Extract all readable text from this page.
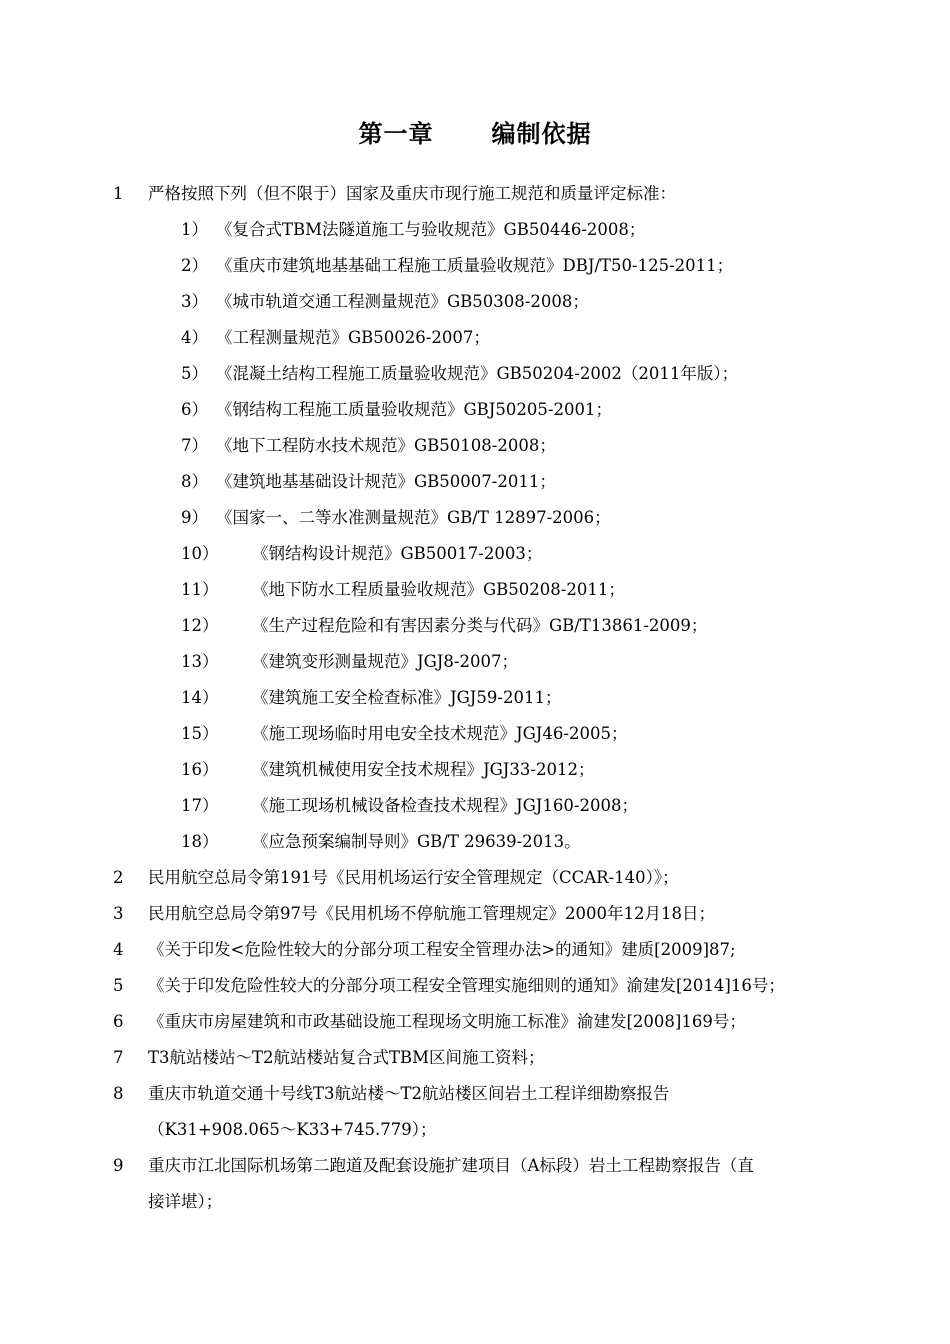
第一章 编制依据
1 严格按照下列（但不限于）国家及重庆市现行施工规范和质量评定标准：
1） 《复合式TBM法隧道施工与验收规范》GB50446-2008；
2） 《重庆市建筑地基基础工程施工质量验收规范》DBJ/T50-125-2011；
3） 《城市轨道交通工程测量规范》GB50308-2008；
4） 《工程测量规范》GB50026-2007；
5） 《混凝土结构工程施工质量验收规范》GB50204-2002（2011年版）；
6） 《钢结构工程施工质量验收规范》GBJ50205-2001；
7） 《地下工程防水技术规范》GB50108-2008；
8） 《建筑地基基础设计规范》GB50007-2011；
9） 《国家一、二等水准测量规范》GB/T 12897-2006；
10） 《钢结构设计规范》GB50017-2003；
11） 《地下防水工程质量验收规范》GB50208-2011；
12） 《生产过程危险和有害因素分类与代码》GB/T13861-2009；
13） 《建筑变形测量规范》JGJ8-2007；
14） 《建筑施工安全检查标准》JGJ59-2011；
15） 《施工现场临时用电安全技术规范》JGJ46-2005；
16） 《建筑机械使用安全技术规程》JGJ33-2012；
17） 《施工现场机械设备检查技术规程》JGJ160-2008；
18） 《应急预案编制导则》GB/T 29639-2013。
2 民用航空总局令第191号《民用机场运行安全管理规定（CCAR-140）》；
3 民用航空总局令第97号《民用机场不停航施工管理规定》2000年12月18日；
4 《关于印发<危险性较大的分部分项工程安全管理办法>的通知》建质[2009]87;
5 《关于印发危险性较大的分部分项工程安全管理实施细则的通知》渝建发[2014]16号；
6 《重庆市房屋建筑和市政基础设施工程现场文明施工标准》渝建发[2008]169号；
7 T3航站楼站～T2航站楼站复合式TBM区间施工资料；
8 重庆市轨道交通十号线T3航站楼～T2航站楼区间岩土工程详细勘察报告
（K31+908.065～K33+745.779）；
9 重庆市江北国际机场第二跑道及配套设施扩建项目（A标段）岩土工程勘察报告（直
接详堪）；
